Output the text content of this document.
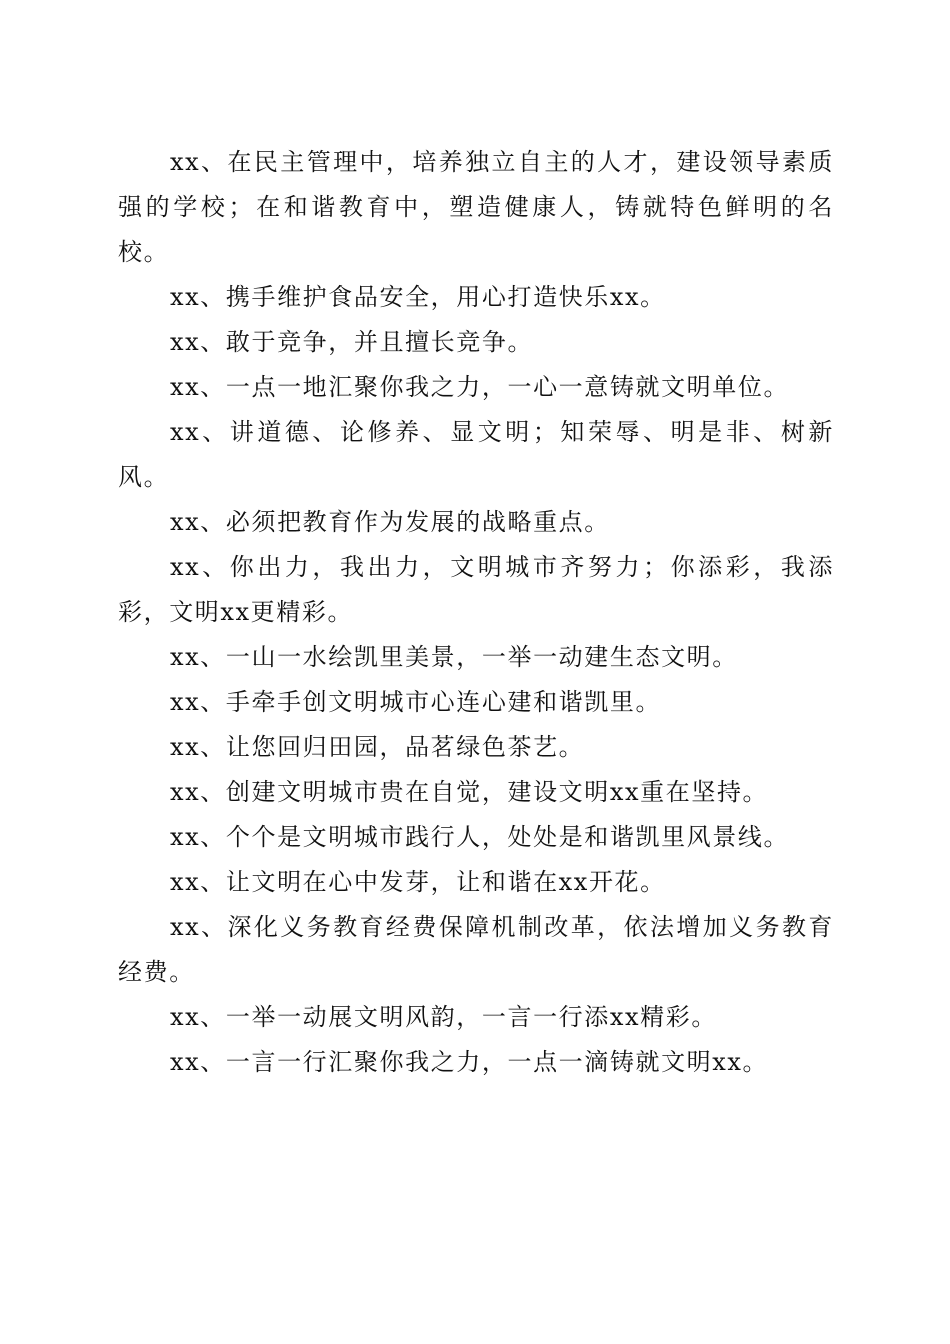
xx、在民主管理中，培养独立自主的人才，建设领导素质强的学校；在和谐教育中，塑造健康人，铸就特色鲜明的名校。

xx、携手维护食品安全，用心打造快乐xx。

xx、敢于竞争，并且擅长竞争。

xx、一点一地汇聚你我之力，一心一意铸就文明单位。

xx、讲道德、论修养、显文明；知荣辱、明是非、树新风。

xx、必须把教育作为发展的战略重点。

xx、你出力，我出力，文明城市齐努力；你添彩，我添彩，文明xx更精彩。

xx、一山一水绘凯里美景，一举一动建生态文明。

xx、手牵手创文明城市心连心建和谐凯里。

xx、让您回归田园，品茗绿色茶艺。

xx、创建文明城市贵在自觉，建设文明xx重在坚持。

xx、个个是文明城市践行人，处处是和谐凯里风景线。

xx、让文明在心中发芽，让和谐在xx开花。

xx、深化义务教育经费保障机制改革，依法增加义务教育经费。

xx、一举一动展文明风韵，一言一行添xx精彩。

xx、一言一行汇聚你我之力，一点一滴铸就文明xx。
